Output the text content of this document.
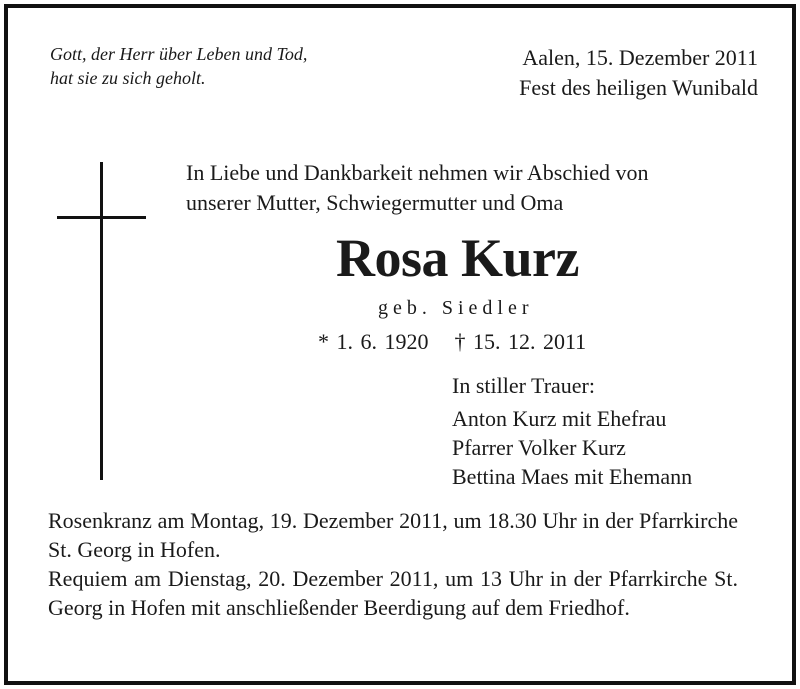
Gott, der Herr über Leben und Tod,
hat sie zu sich geholt.
Aalen, 15. Dezember 2011
Fest des heiligen Wunibald
In Liebe und Dankbarkeit nehmen wir Abschied von
unserer Mutter, Schwiegermutter und Oma
Rosa Kurz
geb. Siedler
* 1. 6. 1920 † 15. 12. 2011
In stiller Trauer:
Anton Kurz mit Ehefrau
Pfarrer Volker Kurz
Bettina Maes mit Ehemann

Rosenkranz am Montag, 19. Dezember 2011, um 18.30 Uhr in der Pfarrkirche St. Georg in Hofen.

Requiem am Dienstag, 20. Dezember 2011, um 13 Uhr in der Pfarrkirche St. Georg in Hofen mit anschließender Beerdigung auf dem Friedhof.
